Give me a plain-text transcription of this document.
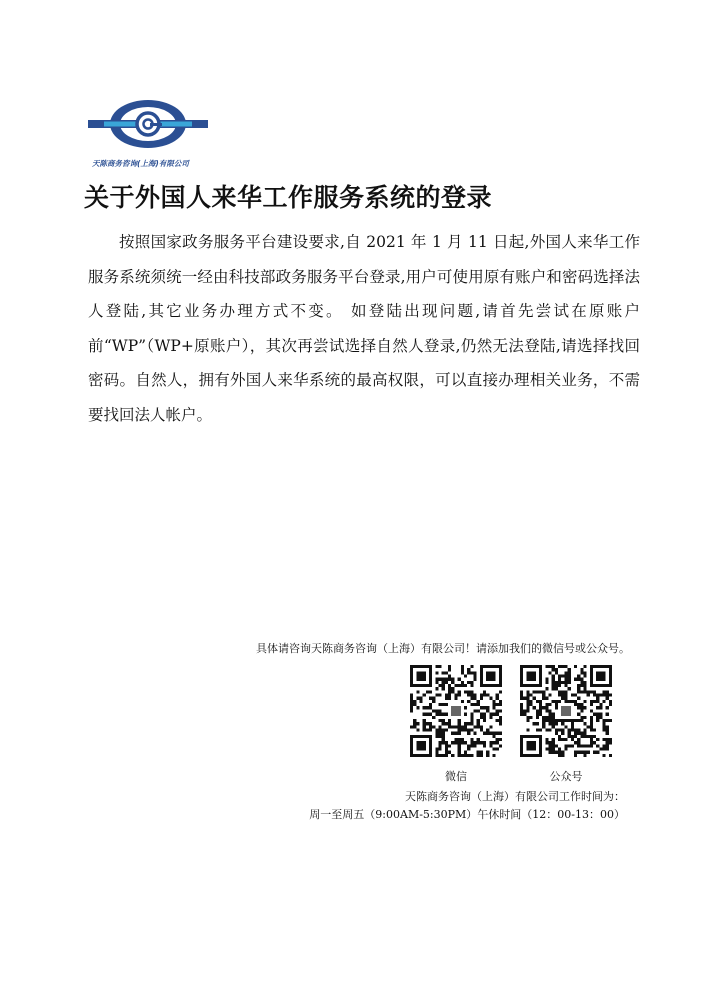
天陈商务咨询(上海)有限公司
关于外国人来华工作服务系统的登录

按照国家政务服务平台建设要求,自 2021 年 1 月 11 日起,外国人来华工作服务系统须统一经由科技部政务服务平台登录,用户可使用原有账户和密码选择法人登陆,其它业务办理方式不变。 如登陆出现问题,请首先尝试在原账户前“WP”（WP+原账户），其次再尝试选择自然人登录,仍然无法登陆,请选择找回密码。自然人，拥有外国人来华系统的最高权限，可以直接办理相关业务，不需要找回法人帐户。

具体请咨询天陈商务咨询（上海）有限公司！请添加我们的微信号或公众号。
微信	公众号
天陈商务咨询（上海）有限公司工作时间为：
周一至周五（9:00AM-5:30PM）午休时间（12：00-13：00）
